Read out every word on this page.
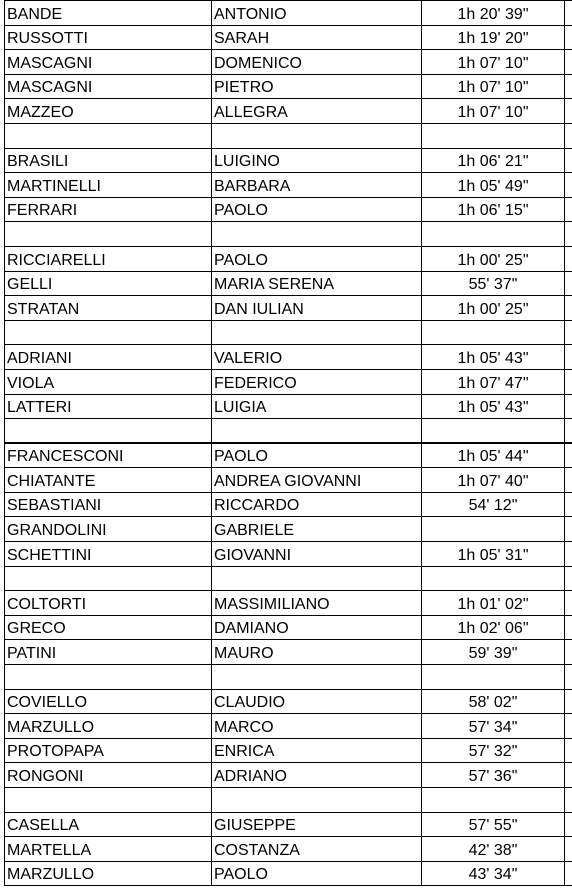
BANDE	ANTONIO	1h 20' 39"
RUSSOTTI	SARAH	1h 19' 20"
MASCAGNI	DOMENICO	1h 07' 10"
MASCAGNI	PIETRO	1h 07' 10"
MAZZEO	ALLEGRA	1h 07' 10"
BRASILI	LUIGINO	1h 06' 21"
MARTINELLI	BARBARA	1h 05' 49"
FERRARI	PAOLO	1h 06' 15"
RICCIARELLI	PAOLO	1h 00' 25"
GELLI	MARIA SERENA	55' 37"
STRATAN	DAN IULIAN	1h 00' 25"
ADRIANI	VALERIO	1h 05' 43"
VIOLA	FEDERICO	1h 07' 47"
LATTERI	LUIGIA	1h 05' 43"
FRANCESCONI	PAOLO	1h 05' 44"
CHIATANTE	ANDREA GIOVANNI	1h 07' 40"
SEBASTIANI	RICCARDO	54' 12"
GRANDOLINI	GABRIELE
SCHETTINI	GIOVANNI	1h 05' 31"
COLTORTI	MASSIMILIANO	1h 01' 02"
GRECO	DAMIANO	1h 02' 06"
PATINI	MAURO	59' 39"
COVIELLO	CLAUDIO	58' 02"
MARZULLO	MARCO	57' 34"
PROTOPAPA	ENRICA	57' 32"
RONGONI	ADRIANO	57' 36"
CASELLA	GIUSEPPE	57' 55"
MARTELLA	COSTANZA	42' 38"
MARZULLO	PAOLO	43' 34"
